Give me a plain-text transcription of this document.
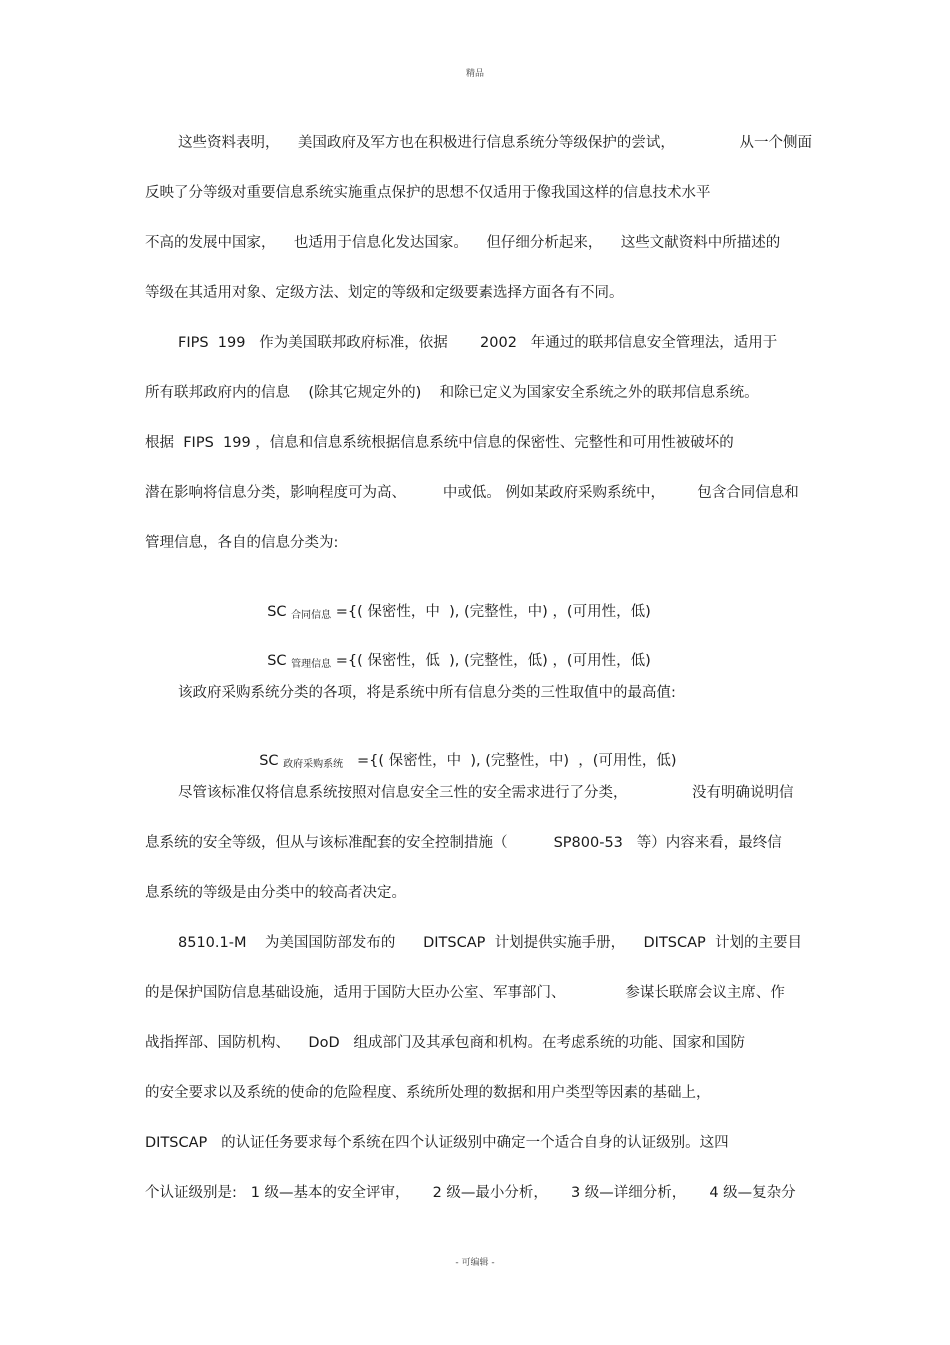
精品
这些资料表明，    美国政府及军方也在积极进行信息系统分等级保护的尝试，              从一个侧面
反映了分等级对重要信息系统实施重点保护的思想不仅适用于像我国这样的信息技术水平
不高的发展中国家，    也适用于信息化发达国家。    但仔细分析起来，    这些文献资料中所描述的
等级在其适用对象、定级方法、划定的等级和定级要素选择方面各有不同。
FIPS  199   作为美国联邦政府标准，依据       2002   年通过的联邦信息安全管理法，适用于
所有联邦政府内的信息    (除其它规定外的)    和除已定义为国家安全系统之外的联邦信息系统。
根据  FIPS  199 ，信息和信息系统根据信息系统中信息的保密性、完整性和可用性被破坏的
潜在影响将信息分类，影响程度可为高、        中或低。 例如某政府采购系统中，       包含合同信息和
管理信息，各自的信息分类为:

SC 合同信息 ={( 保密性，中  ), (完整性，中) ，(可用性，低)

SC 管理信息 ={( 保密性，低  ), (完整性，低) ，(可用性，低)

该政府采购系统分类的各项，将是系统中所有信息分类的三性取值中的最高值:

SC 政府采购系统   ={( 保密性，中  ), (完整性，中)  ，(可用性，低)

尽管该标准仅将信息系统按照对信息安全三性的安全需求进行了分类，              没有明确说明信
息系统的安全等级，但从与该标准配套的安全控制措施（          SP800-53   等）内容来看，最终信
息系统的等级是由分类中的较高者决定。
8510.1-M    为美国国防部发布的      DITSCAP  计划提供实施手册，    DITSCAP  计划的主要目
的是保护国防信息基础设施，适用于国防大臣办公室、军事部门、             参谋长联席会议主席、作
战指挥部、国防机构、    DoD   组成部门及其承包商和机构。在考虑系统的功能、国家和国防
的安全要求以及系统的使命的危险程度、系统所处理的数据和用户类型等因素的基础上，
DITSCAP   的认证任务要求每个系统在四个认证级别中确定一个适合自身的认证级别。这四
个认证级别是:   1 级—基本的安全评审，     2 级—最小分析，     3 级—详细分析，     4 级—复杂分
- 可编辑 -
